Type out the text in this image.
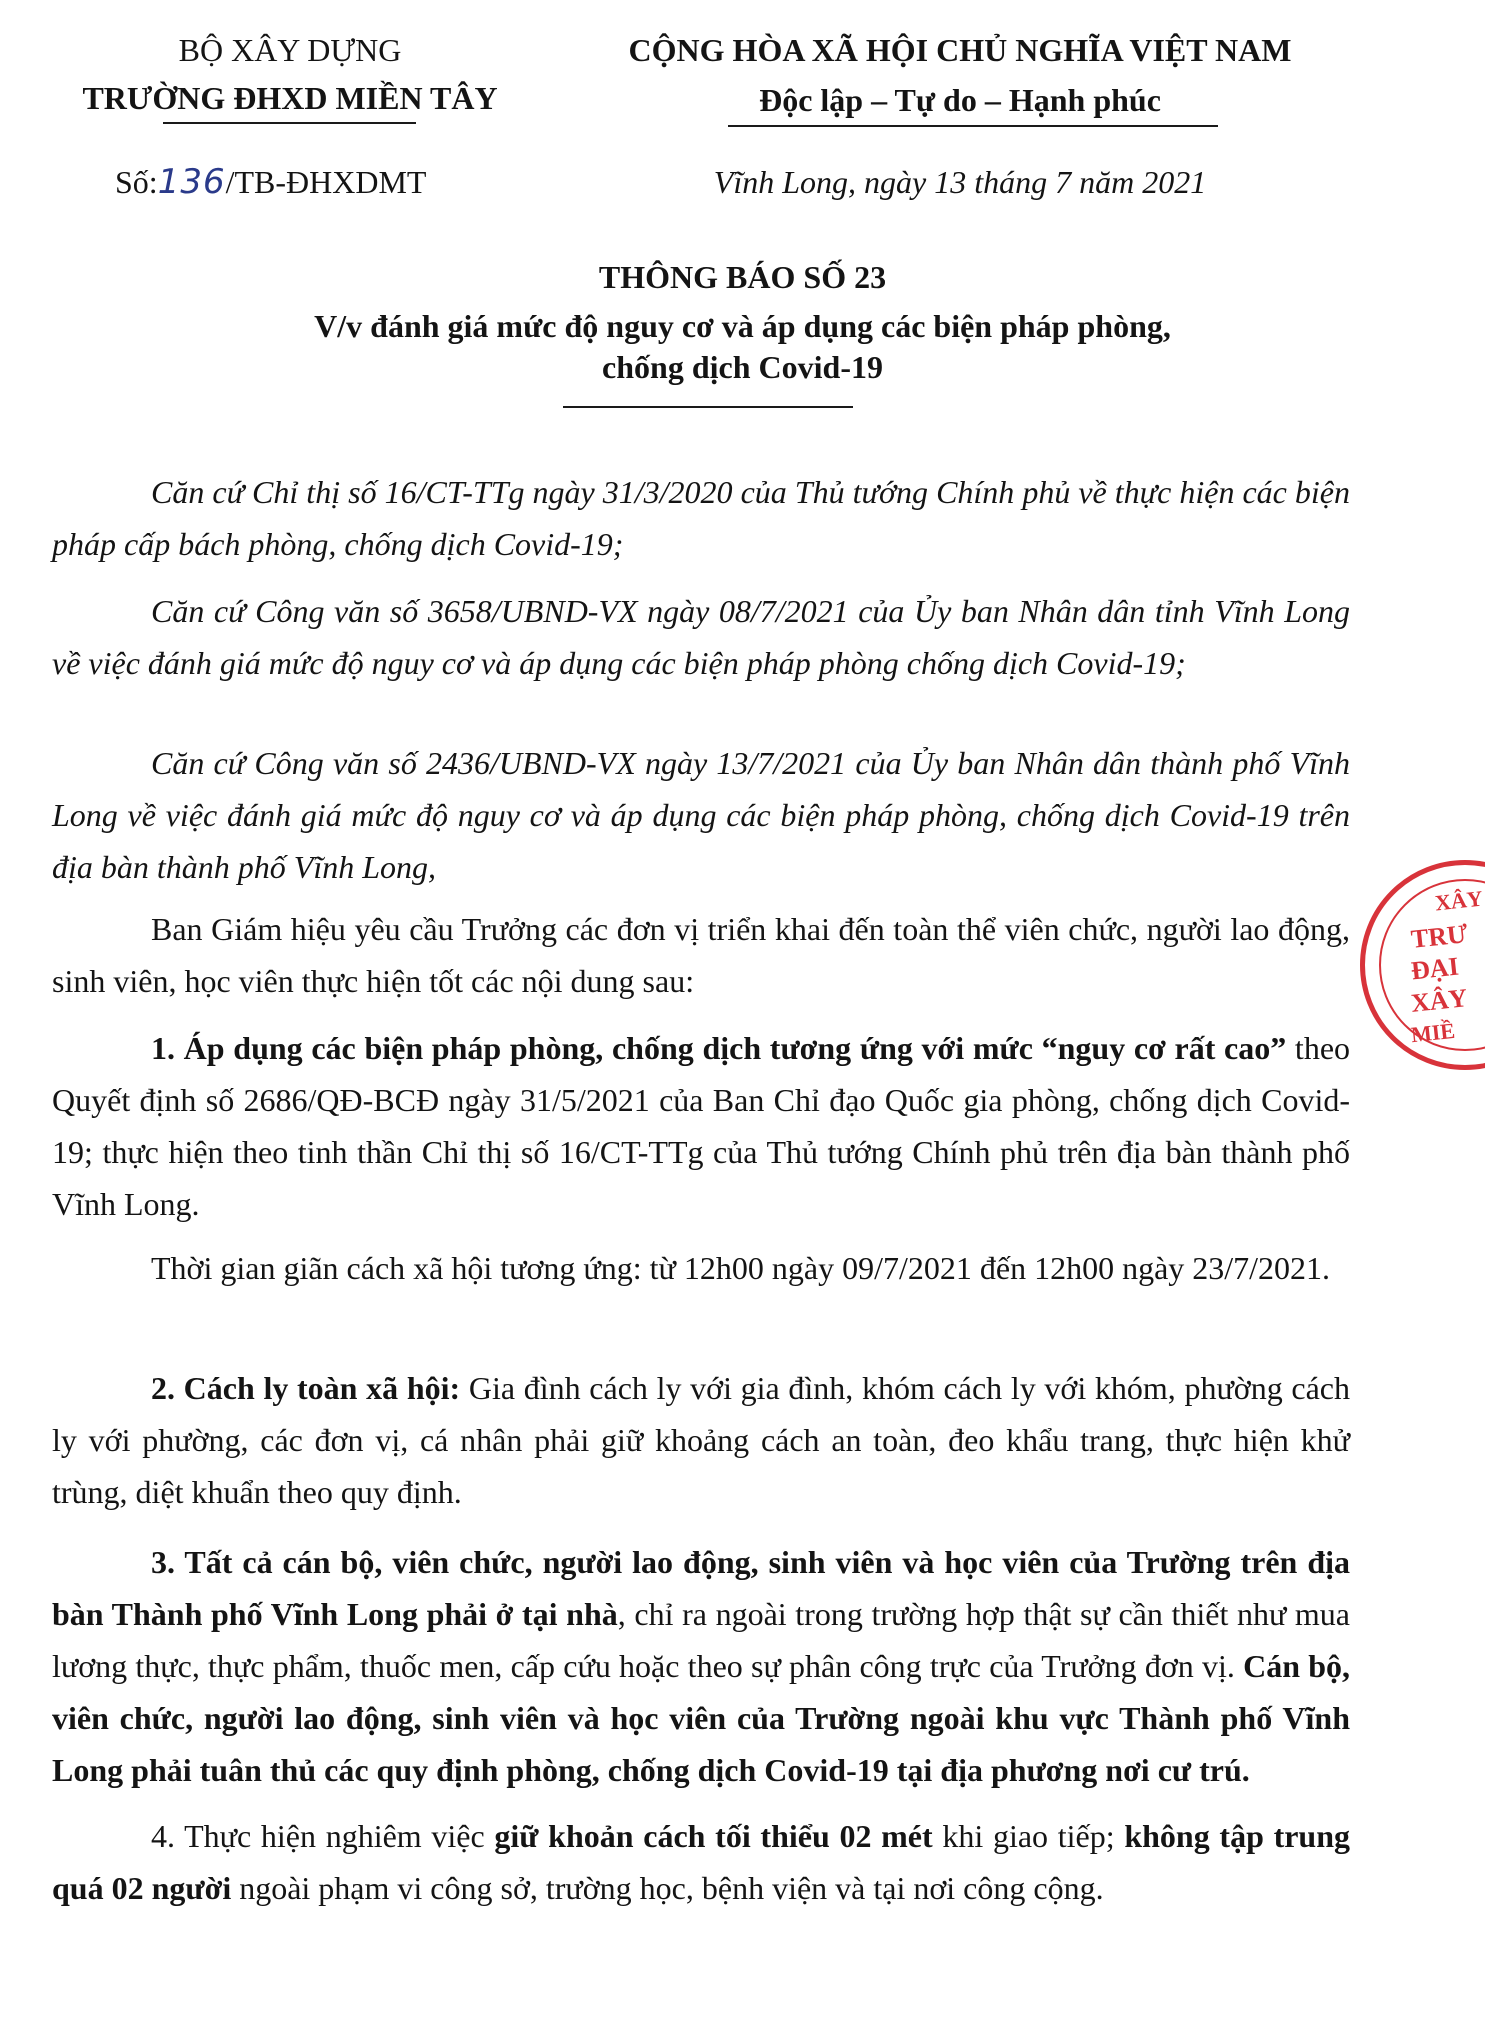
BỘ XÂY DỰNG
TRƯỜNG ĐHXD MIỀN TÂY
CỘNG HÒA XÃ HỘI CHỦ NGHĨA VIỆT NAM
Độc lập – Tự do – Hạnh phúc
Số:136/TB-ĐHXDMT	Vĩnh Long, ngày 13 tháng 7 năm 2021
THÔNG BÁO SỐ 23
V/v đánh giá mức độ nguy cơ và áp dụng các biện pháp phòng,
chống dịch Covid-19
Căn cứ Chỉ thị số 16/CT-TTg ngày 31/3/2020 của Thủ tướng Chính phủ về thực hiện các biện pháp cấp bách phòng, chống dịch Covid-19;
Căn cứ Công văn số 3658/UBND-VX ngày 08/7/2021 của Ủy ban Nhân dân tỉnh Vĩnh Long về việc đánh giá mức độ nguy cơ và áp dụng các biện pháp phòng chống dịch Covid-19;
Căn cứ Công văn số 2436/UBND-VX ngày 13/7/2021 của Ủy ban Nhân dân thành phố Vĩnh Long về việc đánh giá mức độ nguy cơ và áp dụng các biện pháp phòng, chống dịch Covid-19 trên địa bàn thành phố Vĩnh Long,
Ban Giám hiệu yêu cầu Trưởng các đơn vị triển khai đến toàn thể viên chức, người lao động, sinh viên, học viên thực hiện tốt các nội dung sau:
1. Áp dụng các biện pháp phòng, chống dịch tương ứng với mức “nguy cơ rất cao” theo Quyết định số 2686/QĐ-BCĐ ngày 31/5/2021 của Ban Chỉ đạo Quốc gia phòng, chống dịch Covid-19; thực hiện theo tinh thần Chỉ thị số 16/CT-TTg của Thủ tướng Chính phủ trên địa bàn thành phố Vĩnh Long.
Thời gian giãn cách xã hội tương ứng: từ 12h00 ngày 09/7/2021 đến 12h00 ngày 23/7/2021.
2. Cách ly toàn xã hội: Gia đình cách ly với gia đình, khóm cách ly với khóm, phường cách ly với phường, các đơn vị, cá nhân phải giữ khoảng cách an toàn, đeo khẩu trang, thực hiện khử trùng, diệt khuẩn theo quy định.
3. Tất cả cán bộ, viên chức, người lao động, sinh viên và học viên của Trường trên địa bàn Thành phố Vĩnh Long phải ở tại nhà, chỉ ra ngoài trong trường hợp thật sự cần thiết như mua lương thực, thực phẩm, thuốc men, cấp cứu hoặc theo sự phân công trực của Trưởng đơn vị. Cán bộ, viên chức, người lao động, sinh viên và học viên của Trường ngoài khu vực Thành phố Vĩnh Long phải tuân thủ các quy định phòng, chống dịch Covid-19 tại địa phương nơi cư trú.
4. Thực hiện nghiêm việc giữ khoản cách tối thiểu 02 mét khi giao tiếp; không tập trung quá 02 người ngoài phạm vi công sở, trường học, bệnh viện và tại nơi công cộng.
XÂY
TRƯ
ĐẠI
XÂY
MIỀ
